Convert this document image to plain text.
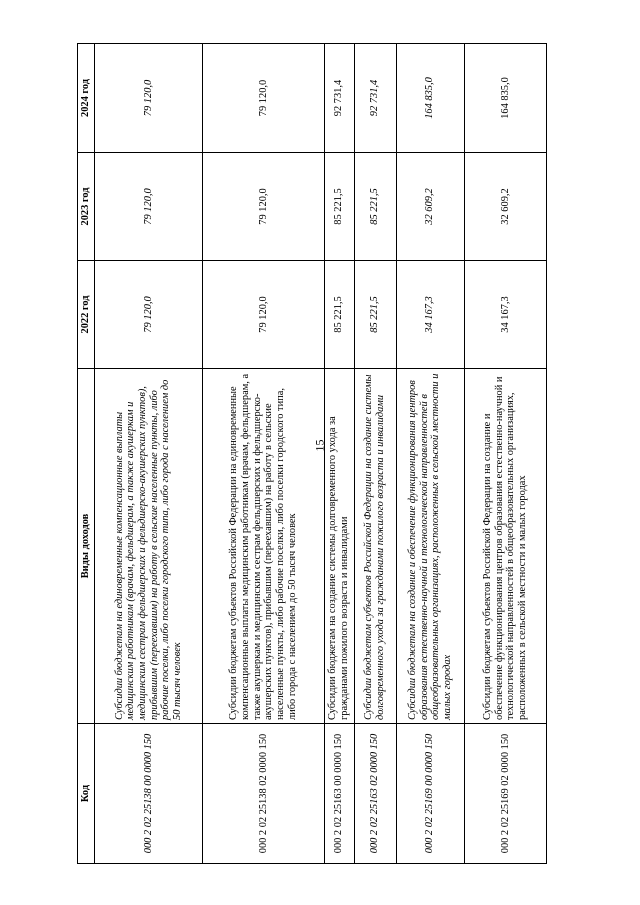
15
Код	Виды доходов	2022 год	2023 год	2024 год
000 2 02 25138 00 0000 150	Субсидии бюджетам на единовременные компенсационные выплаты медицинским работникам (врачам, фельдшерам, а также акушеркам и медицинским сестрам фельдшерских и фельдшерско-акушерских пунктов), прибывшим (переехавшим) на работу в сельские населенные пункты, либо рабочие поселки, либо поселки городского типа, либо города с населением до 50 тысяч человек	79 120,0	79 120,0	79 120,0
000 2 02 25138 02 0000 150	Субсидии бюджетам субъектов Российской Федерации на единовременные компенсационные выплаты медицинским работникам (врачам, фельдшерам, а также акушеркам и медицинским сестрам фельдшерских и фельдшерско-акушерских пунктов), прибывшим (переехавшим) на работу в сельские населенные пункты, либо рабочие поселки, либо поселки городского типа, либо города с населением до 50 тысяч человек	79 120,0	79 120,0	79 120,0
000 2 02 25163 00 0000 150	Субсидии бюджетам на создание системы долговременного ухода за гражданами пожилого возраста и инвалидами	85 221,5	85 221,5	92 731,4
000 2 02 25163 02 0000 150	Субсидии бюджетам субъектов Российской Федерации на создание системы долговременного ухода за гражданами пожилого возраста и инвалидами	85 221,5	85 221,5	92 731,4
000 2 02 25169 00 0000 150	Субсидии бюджетам на создание и обеспечение функционирования центров образования естественно-научной и технологической направленностей в общеобразовательных организациях, расположенных в сельской местности и малых городах	34 167,3	32 609,2	164 835,0
000 2 02 25169 02 0000 150	Субсидии бюджетам субъектов Российской Федерации на создание и обеспечение функционирования центров образования естественно-научной и технологической направленностей в общеобразовательных организациях, расположенных в сельской местности и малых городах	34 167,3	32 609,2	164 835,0
